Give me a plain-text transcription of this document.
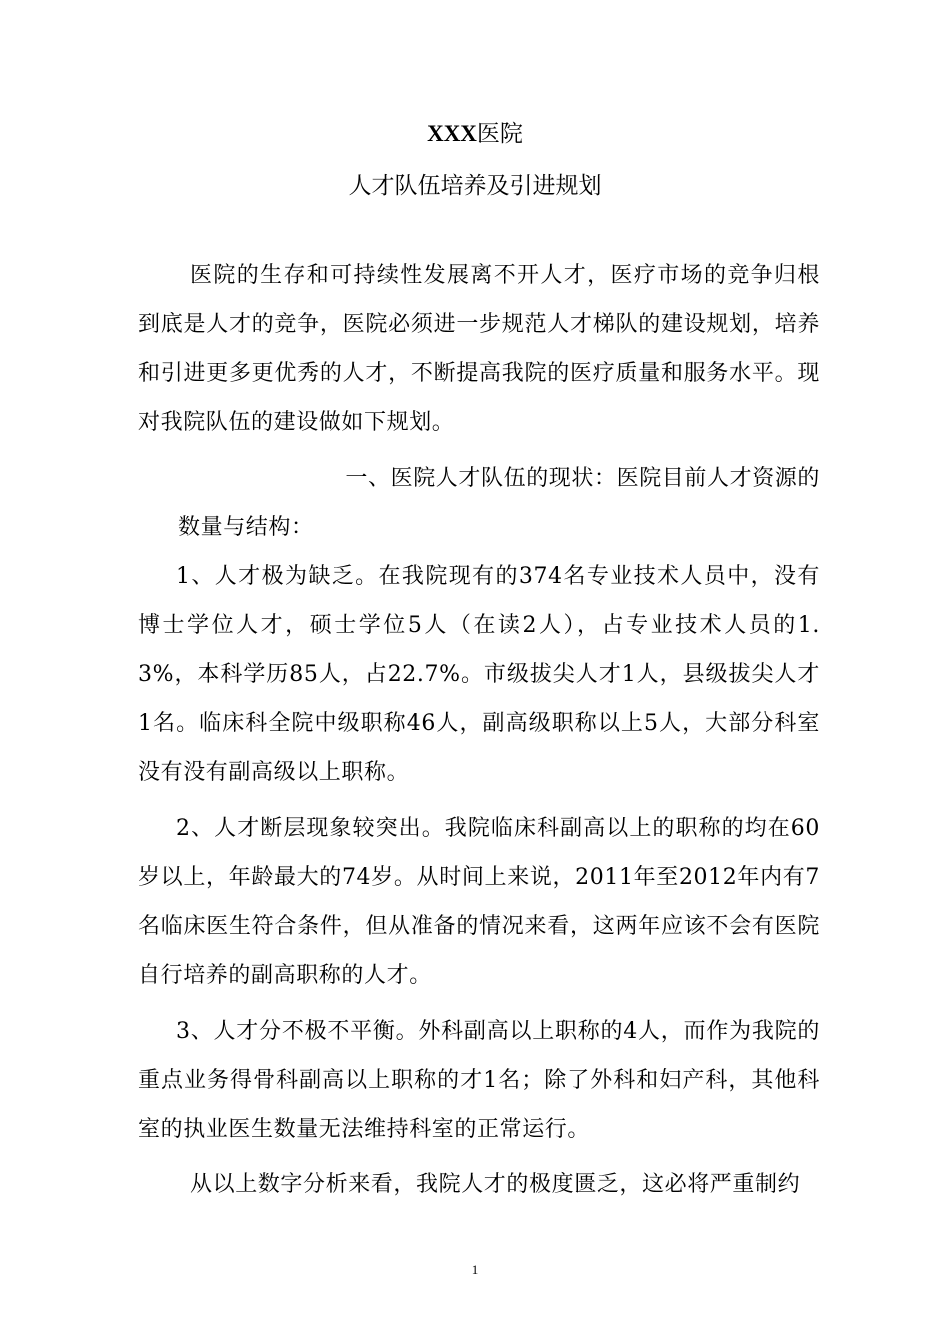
XXX医院
人才队伍培养及引进规划
医院的生存和可持续性发展离不开人才，医疗市场的竞争归根到底是人才的竞争，医院必须进一步规范人才梯队的建设规划，培养和引进更多更优秀的人才，不断提高我院的医疗质量和服务水平。现对我院队伍的建设做如下规划。
一、医院人才队伍的现状：医院目前人才资源的
数量与结构：
1、人才极为缺乏。在我院现有的374名专业技术人员中，没有博士学位人才，硕士学位5人（在读2人），占专业技术人员的1.3%，本科学历85人，占22.7%。市级拔尖人才1人，县级拔尖人才1名。临床科全院中级职称46人，副高级职称以上5人，大部分科室没有没有副高级以上职称。
2、人才断层现象较突出。我院临床科副高以上的职称的均在60岁以上，年龄最大的74岁。从时间上来说，2011年至2012年内有7名临床医生符合条件，但从准备的情况来看，这两年应该不会有医院自行培养的副高职称的人才。
3、人才分不极不平衡。外科副高以上职称的4人，而作为我院的重点业务得骨科副高以上职称的才1名；除了外科和妇产科，其他科室的执业医生数量无法维持科室的正常运行。
从以上数字分析来看，我院人才的极度匮乏，这必将严重制约
1
